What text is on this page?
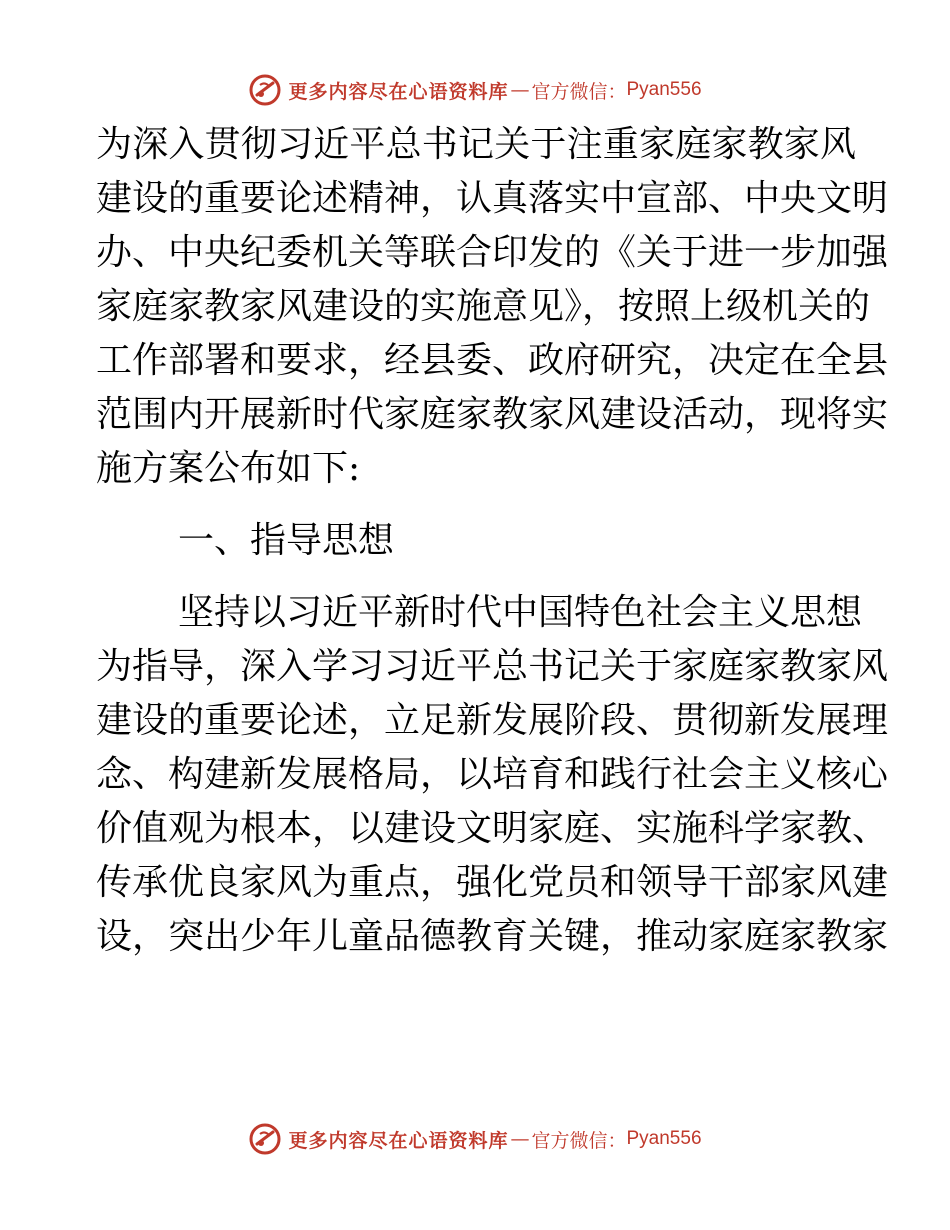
更多内容尽在心语资料库 — 官方微信： Pyan556
为深入贯彻习近平总书记关于注重家庭家教家风
建设的重要论述精神，认真落实中宣部、中央文明
办、中央纪委机关等联合印发的《关于进一步加强
家庭家教家风建设的实施意见》，按照上级机关的
工作部署和要求，经县委、政府研究，决定在全县
范围内开展新时代家庭家教家风建设活动，现将实
施方案公布如下:
一、指导思想
坚持以习近平新时代中国特色社会主义思想
为指导，深入学习习近平总书记关于家庭家教家风
建设的重要论述，立足新发展阶段、贯彻新发展理
念、构建新发展格局，以培育和践行社会主义核心
价值观为根本，以建设文明家庭、实施科学家教、
传承优良家风为重点，强化党员和领导干部家风建
设，突出少年儿童品德教育关键，推动家庭家教家
更多内容尽在心语资料库 — 官方微信： Pyan556
